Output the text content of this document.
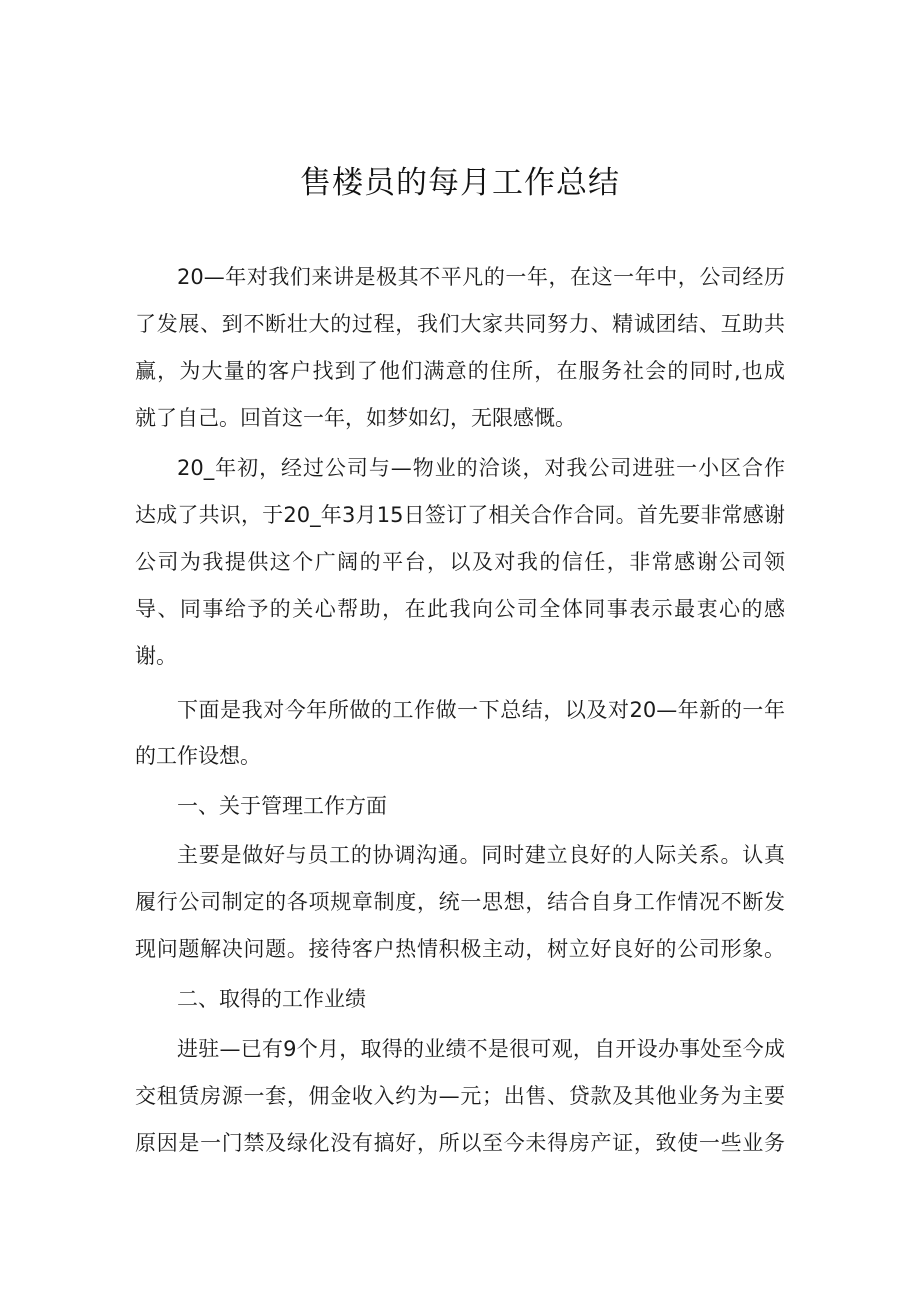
售楼员的每月工作总结
20—年对我们来讲是极其不平凡的一年，在这一年中，公司经历
了发展、到不断壮大的过程，我们大家共同努力、精诚团结、互助共
赢，为大量的客户找到了他们满意的住所，在服务社会的同时,也成
就了自己。回首这一年，如梦如幻，无限感慨。
20_年初，经过公司与—物业的洽谈，对我公司进驻一小区合作
达成了共识，于20_年3月15日签订了相关合作合同。首先要非常感谢
公司为我提供这个广阔的平台，以及对我的信任，非常感谢公司领
导、同事给予的关心帮助，在此我向公司全体同事表示最衷心的感
谢。
下面是我对今年所做的工作做一下总结，以及对20—年新的一年
的工作设想。
一、关于管理工作方面
主要是做好与员工的协调沟通。同时建立良好的人际关系。认真
履行公司制定的各项规章制度，统一思想，结合自身工作情况不断发
现问题解决问题。接待客户热情积极主动，树立好良好的公司形象。
二、取得的工作业绩
进驻—已有9个月，取得的业绩不是很可观，自开设办事处至今成
交租赁房源一套，佣金收入约为—元；出售、贷款及其他业务为主要
原因是一门禁及绿化没有搞好，所以至今未得房产证，致使一些业务
